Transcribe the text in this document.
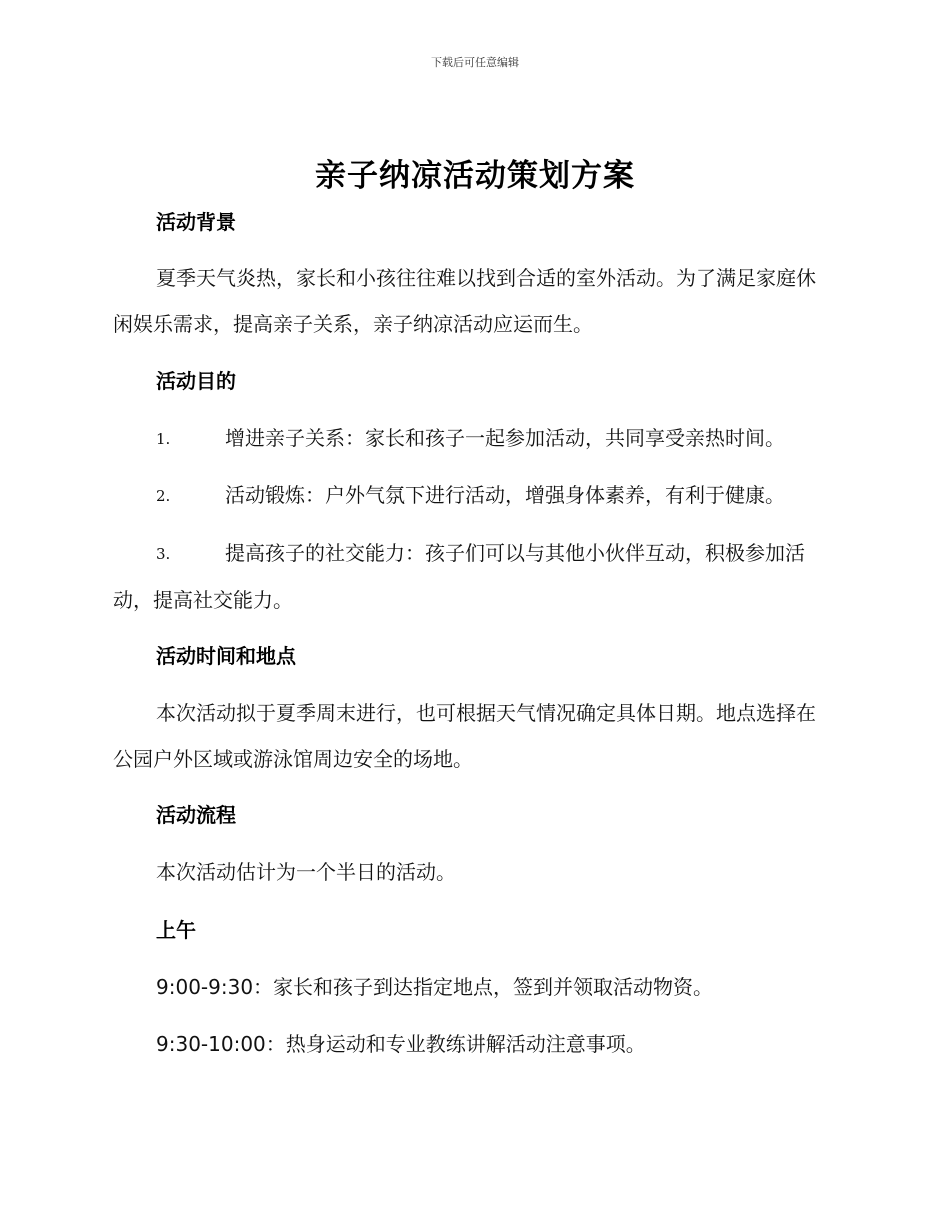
下载后可任意编辑
亲子纳凉活动策划方案
活动背景

夏季天气炎热，家长和小孩往往难以找到合适的室外活动。为了满足家庭休闲娱乐需求，提高亲子关系，亲子纳凉活动应运而生。

活动目的
1.	增进亲子关系：家长和孩子一起参加活动，共同享受亲热时间。
2.	活动锻炼：户外气氛下进行活动，增强身体素养，有利于健康。
3.	提高孩子的社交能力：孩子们可以与其他小伙伴互动，积极参加活动，提高社交能力。
活动时间和地点

本次活动拟于夏季周末进行，也可根据天气情况确定具体日期。地点选择在公园户外区域或游泳馆周边安全的场地。

活动流程

本次活动估计为一个半日的活动。

上午
9:00-9:30：家长和孩子到达指定地点，签到并领取活动物资。
9:30-10:00：热身运动和专业教练讲解活动注意事项。
